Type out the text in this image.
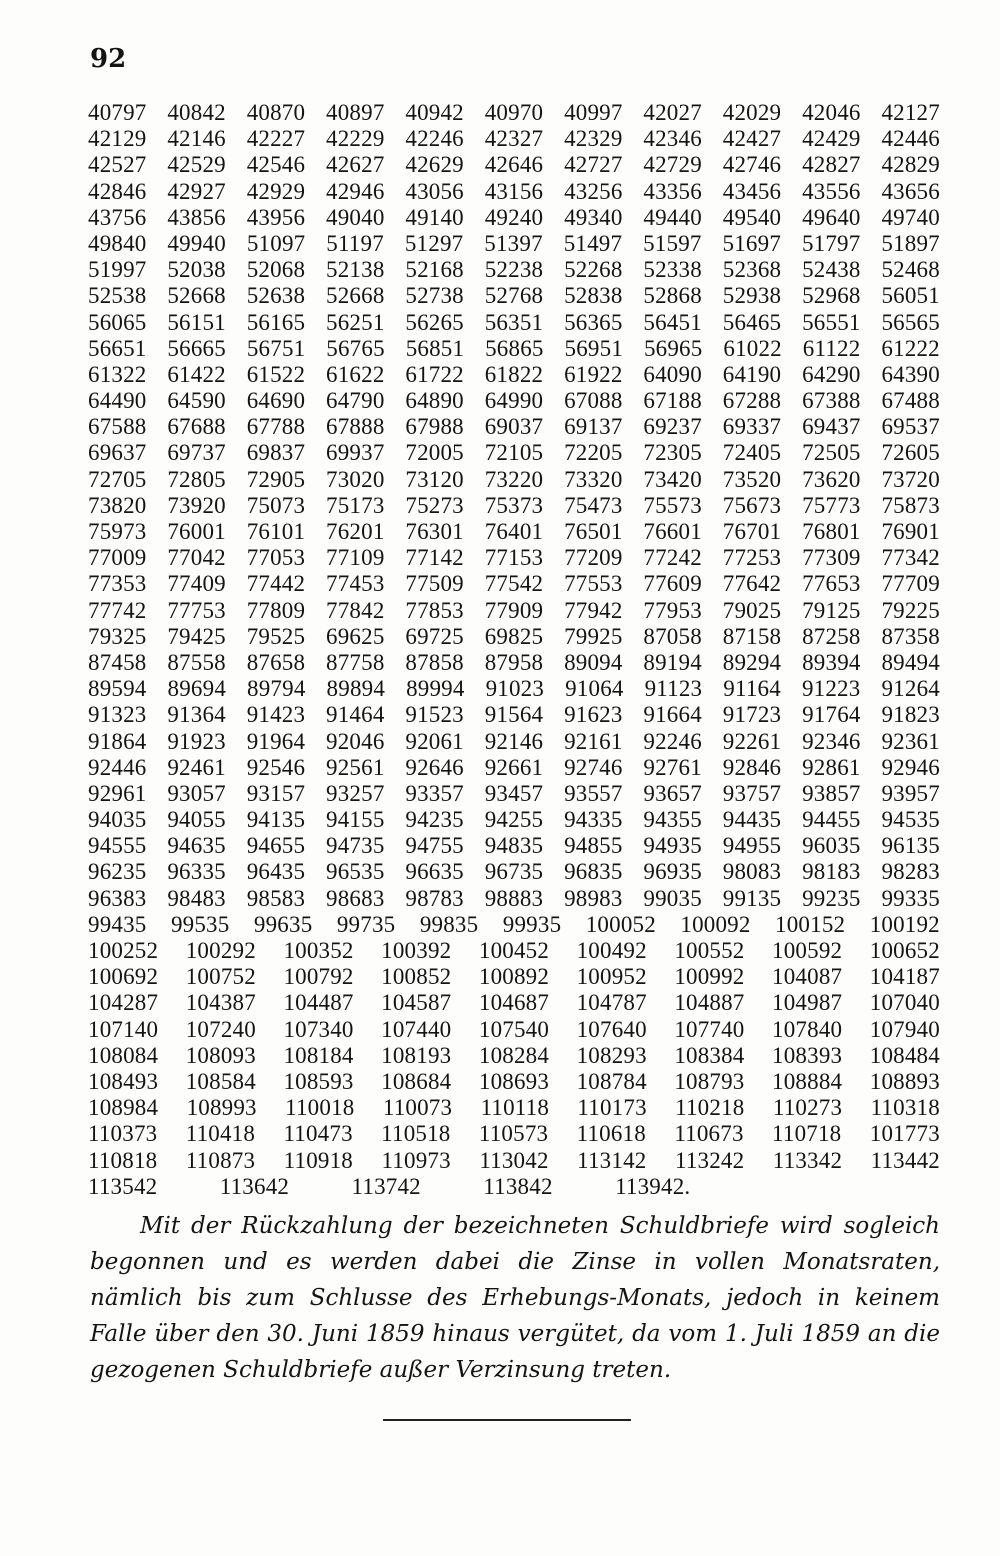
92
40797 40842 40870 40897 40942 40970 40997 42027 42029 42046 42127
42129 42146 42227 42229 42246 42327 42329 42346 42427 42429 42446
42527 42529 42546 42627 42629 42646 42727 42729 42746 42827 42829
42846 42927 42929 42946 43056 43156 43256 43356 43456 43556 43656
43756 43856 43956 49040 49140 49240 49340 49440 49540 49640 49740
49840 49940 51097 51197 51297 51397 51497 51597 51697 51797 51897
51997 52038 52068 52138 52168 52238 52268 52338 52368 52438 52468
52538 52668 52638 52668 52738 52768 52838 52868 52938 52968 56051
56065 56151 56165 56251 56265 56351 56365 56451 56465 56551 56565
56651 56665 56751 56765 56851 56865 56951 56965 61022 61122 61222
61322 61422 61522 61622 61722 61822 61922 64090 64190 64290 64390
64490 64590 64690 64790 64890 64990 67088 67188 67288 67388 67488
67588 67688 67788 67888 67988 69037 69137 69237 69337 69437 69537
69637 69737 69837 69937 72005 72105 72205 72305 72405 72505 72605
72705 72805 72905 73020 73120 73220 73320 73420 73520 73620 73720
73820 73920 75073 75173 75273 75373 75473 75573 75673 75773 75873
75973 76001 76101 76201 76301 76401 76501 76601 76701 76801 76901
77009 77042 77053 77109 77142 77153 77209 77242 77253 77309 77342
77353 77409 77442 77453 77509 77542 77553 77609 77642 77653 77709
77742 77753 77809 77842 77853 77909 77942 77953 79025 79125 79225
79325 79425 79525 69625 69725 69825 79925 87058 87158 87258 87358
87458 87558 87658 87758 87858 87958 89094 89194 89294 89394 89494
89594 89694 89794 89894 89994 91023 91064 91123 91164 91223 91264
91323 91364 91423 91464 91523 91564 91623 91664 91723 91764 91823
91864 91923 91964 92046 92061 92146 92161 92246 92261 92346 92361
92446 92461 92546 92561 92646 92661 92746 92761 92846 92861 92946
92961 93057 93157 93257 93357 93457 93557 93657 93757 93857 93957
94035 94055 94135 94155 94235 94255 94335 94355 94435 94455 94535
94555 94635 94655 94735 94755 94835 94855 94935 94955 96035 96135
96235 96335 96435 96535 96635 96735 96835 96935 98083 98183 98283
96383 98483 98583 98683 98783 98883 98983 99035 99135 99235 99335
99435 99535 99635 99735 99835 99935 100052 100092 100152 100192
100252 100292 100352 100392 100452 100492 100552 100592 100652
100692 100752 100792 100852 100892 100952 100992 104087 104187
104287 104387 104487 104587 104687 104787 104887 104987 107040
107140 107240 107340 107440 107540 107640 107740 107840 107940
108084 108093 108184 108193 108284 108293 108384 108393 108484
108493 108584 108593 108684 108693 108784 108793 108884 108893
108984 108993 110018 110073 110118 110173 110218 110273 110318
110373 110418 110473 110518 110573 110618 110673 110718 101773
110818 110873 110918 110973 113042 113142 113242 113342 113442
113542	113642	113742	113842	113942.
Mit der Rückzahlung der bezeichneten Schuldbriefe wird sogleich begonnen und es werden dabei die Zinse in vollen Monatsraten, nämlich bis zum Schlusse des Erhebungs-Monats, jedoch in keinem Falle über den 30. Juni 1859 hinaus vergütet, da vom 1. Juli 1859 an die gezogenen Schuldbriefe außer Verzinsung treten.
